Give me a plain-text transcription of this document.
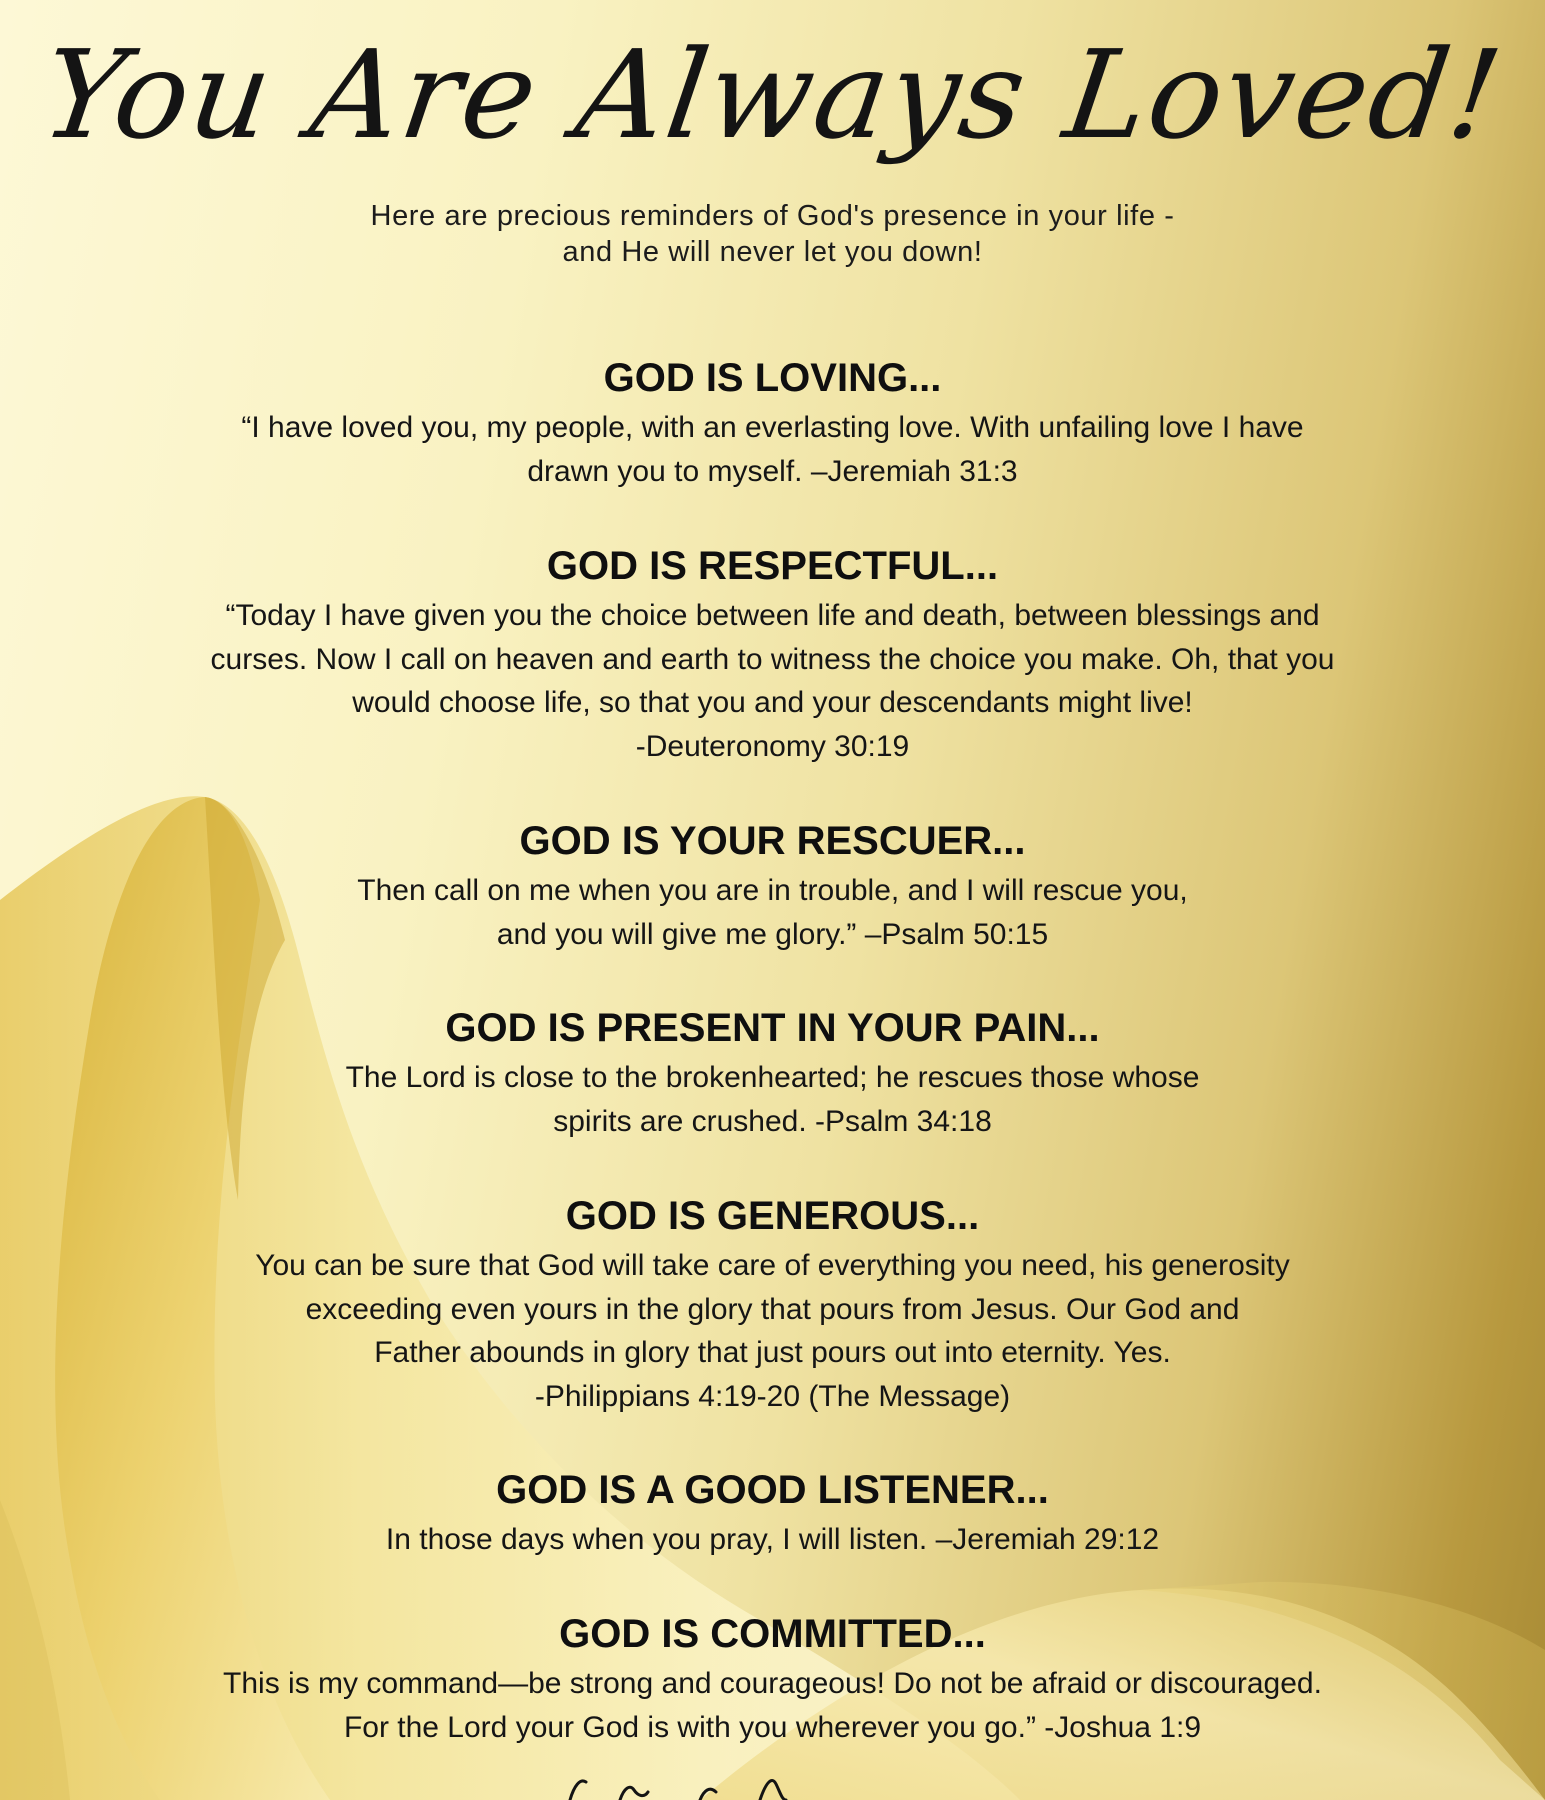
You Are Always Loved!
Here are precious reminders of God's presence in your life -
and He will never let you down!
GOD IS LOVING...
“I have loved you, my people, with an everlasting love. With unfailing love I have
drawn you to myself. –Jeremiah 31:3
GOD IS RESPECTFUL...
“Today I have given you the choice between life and death, between blessings and
curses. Now I call on heaven and earth to witness the choice you make. Oh, that you
would choose life, so that you and your descendants might live!
-Deuteronomy 30:19
GOD IS YOUR RESCUER...
Then call on me when you are in trouble, and I will rescue you,
and you will give me glory.” –Psalm 50:15
GOD IS PRESENT IN YOUR PAIN...
The Lord is close to the brokenhearted; he rescues those whose
spirits are crushed. -Psalm 34:18
GOD IS GENEROUS...
You can be sure that God will take care of everything you need, his generosity
exceeding even yours in the glory that pours from Jesus. Our God and
Father abounds in glory that just pours out into eternity. Yes.
-Philippians 4:19-20 (The Message)
GOD IS A GOOD LISTENER...
In those days when you pray, I will listen. –Jeremiah 29:12
GOD IS COMMITTED...
This is my command—be strong and courageous! Do not be afraid or discouraged.
For the Lord your God is with you wherever you go.” -Joshua 1:9
